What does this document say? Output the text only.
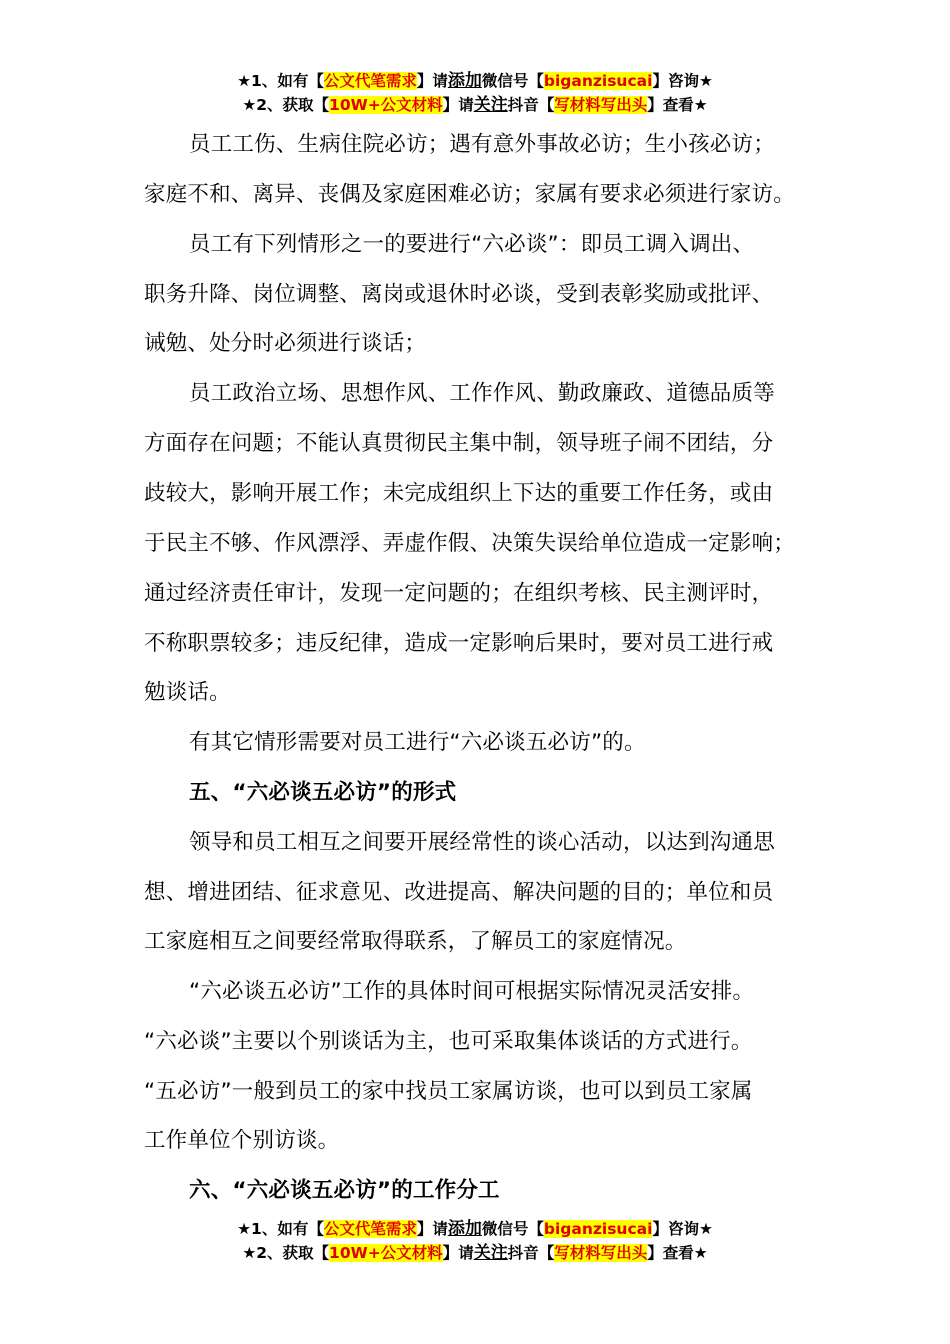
★1、如有【公文代笔需求】请添加微信号【biganzisucai】咨询★
★2、获取【10W+公文材料】请关注抖音【写材料写出头】查看★
员工工伤、生病住院必访；遇有意外事故必访；生小孩必访；
家庭不和、离异、丧偶及家庭困难必访；家属有要求必须进行家访。
员工有下列情形之一的要进行“六必谈”：即员工调入调出、
职务升降、岗位调整、离岗或退休时必谈，受到表彰奖励或批评、
诫勉、处分时必须进行谈话；
员工政治立场、思想作风、工作作风、勤政廉政、道德品质等
方面存在问题；不能认真贯彻民主集中制，领导班子闹不团结，分
歧较大，影响开展工作；未完成组织上下达的重要工作任务，或由
于民主不够、作风漂浮、弄虚作假、决策失误给单位造成一定影响；
通过经济责任审计，发现一定问题的；在组织考核、民主测评时，
不称职票较多；违反纪律，造成一定影响后果时，要对员工进行戒
勉谈话。
有其它情形需要对员工进行“六必谈五必访”的。
五、“六必谈五必访”的形式
领导和员工相互之间要开展经常性的谈心活动，以达到沟通思
想、增进团结、征求意见、改进提高、解决问题的目的；单位和员
工家庭相互之间要经常取得联系，了解员工的家庭情况。
“六必谈五必访”工作的具体时间可根据实际情况灵活安排。
“六必谈”主要以个别谈话为主，也可采取集体谈话的方式进行。
“五必访”一般到员工的家中找员工家属访谈，也可以到员工家属
工作单位个别访谈。
六、“六必谈五必访”的工作分工
★1、如有【公文代笔需求】请添加微信号【biganzisucai】咨询★
★2、获取【10W+公文材料】请关注抖音【写材料写出头】查看★
